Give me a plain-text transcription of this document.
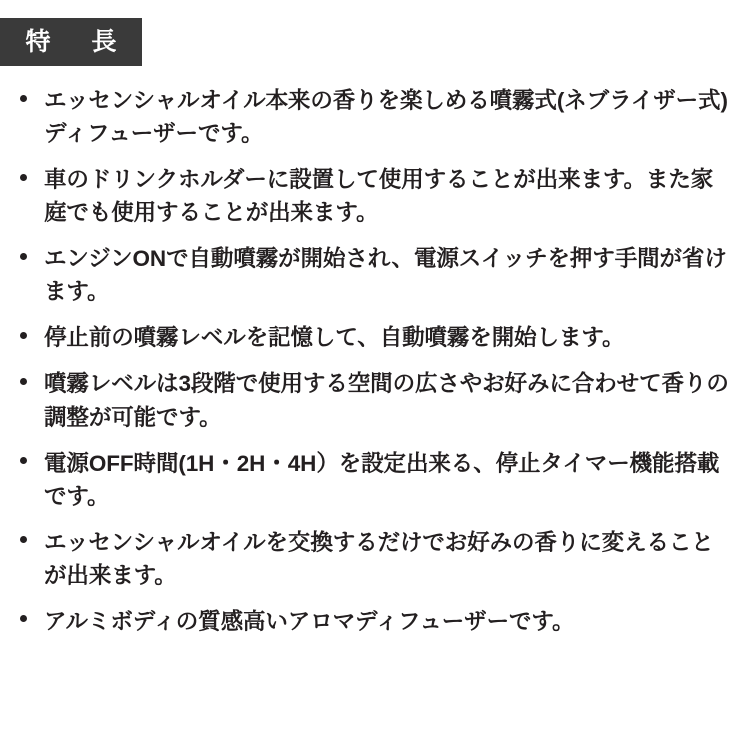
特　長
エッセンシャルオイル本来の香りを楽しめる噴霧式(ネブライザー式)ディフューザーです。
車のドリンクホルダーに設置して使用することが出来ます。また家庭でも使用することが出来ます。
エンジンONで自動噴霧が開始され、電源スイッチを押す手間が省けます。
停止前の噴霧レベルを記憶して、自動噴霧を開始します。
噴霧レベルは3段階で使用する空間の広さやお好みに合わせて香りの調整が可能です。
電源OFF時間(1H・2H・4H）を設定出来る、停止タイマー機能搭載です。
エッセンシャルオイルを交換するだけでお好みの香りに変えることが出来ます。
アルミボディの質感高いアロマディフューザーです。
